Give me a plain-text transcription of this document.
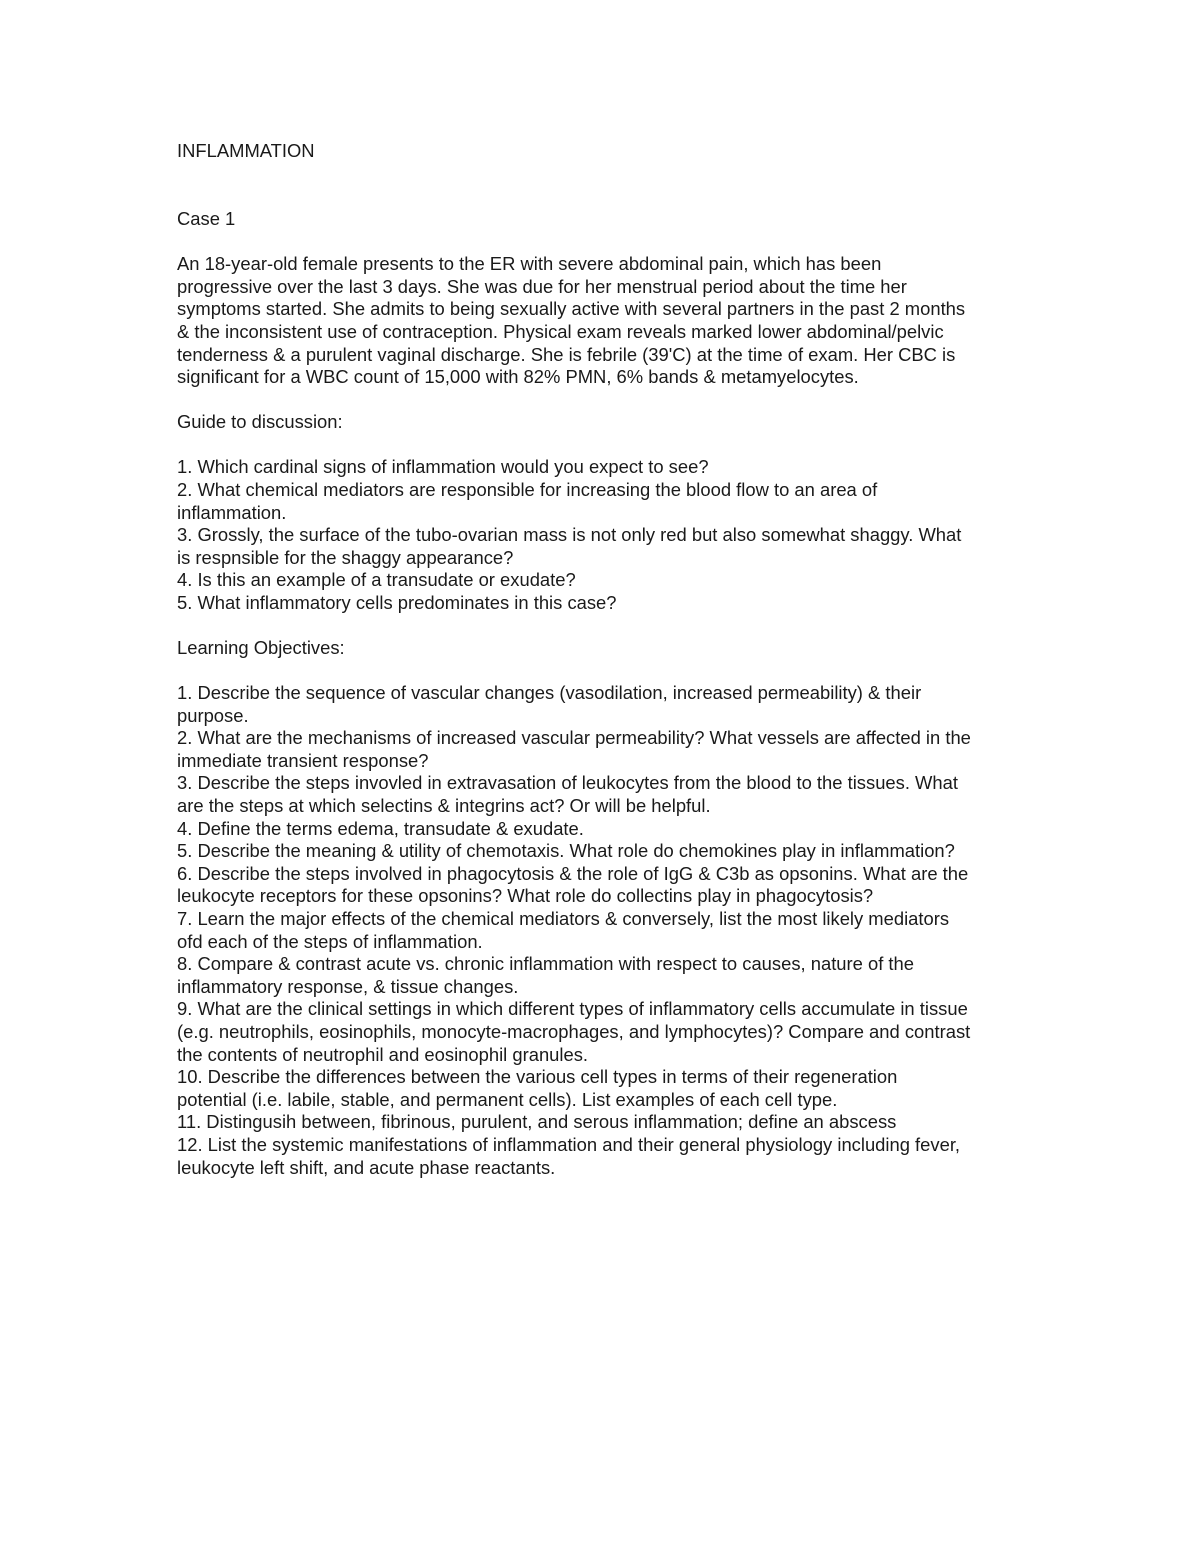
INFLAMMATION
Case 1
An 18-year-old female presents to the ER with severe abdominal pain, which has been
progressive over the last 3 days. She was due for her menstrual period about the time her
symptoms started. She admits to being sexually active with several partners in the past 2 months
& the inconsistent use of contraception. Physical exam reveals marked lower abdominal/pelvic
tenderness & a purulent vaginal discharge. She is febrile (39'C) at the time of exam. Her CBC is
significant for a WBC count of 15,000 with 82% PMN, 6% bands & metamyelocytes.
Guide to discussion:
1. Which cardinal signs of inflammation would you expect to see?
2. What chemical mediators are responsible for increasing the blood flow to an area of
inflammation.
3. Grossly, the surface of the tubo-ovarian mass is not only red but also somewhat shaggy. What
is respnsible for the shaggy appearance?
4. Is this an example of a transudate or exudate?
5. What inflammatory cells predominates in this case?
Learning Objectives:
1. Describe the sequence of vascular changes (vasodilation, increased permeability) & their
purpose.
2. What are the mechanisms of increased vascular permeability? What vessels are affected in the
immediate transient response?
3. Describe the steps invovled in extravasation of leukocytes from the blood to the tissues. What
are the steps at which selectins & integrins act? Or will be helpful.
4. Define the terms edema, transudate & exudate.
5. Describe the meaning & utility of chemotaxis. What role do chemokines play in inflammation?
6. Describe the steps involved in phagocytosis & the role of IgG & C3b as opsonins. What are the
leukocyte receptors for these opsonins? What role do collectins play in phagocytosis?
7. Learn the major effects of the chemical mediators & conversely, list the most likely mediators
ofd each of the steps of inflammation.
8. Compare & contrast acute vs. chronic inflammation with respect to causes, nature of the
inflammatory response, & tissue changes.
9. What are the clinical settings in which different types of inflammatory cells accumulate in tissue
(e.g. neutrophils, eosinophils, monocyte-macrophages, and lymphocytes)? Compare and contrast
the contents of neutrophil and eosinophil granules.
10. Describe the differences between the various cell types in terms of their regeneration
potential (i.e. labile, stable, and permanent cells). List examples of each cell type.
11. Distingusih between, fibrinous, purulent, and serous inflammation; define an abscess
12. List the systemic manifestations of inflammation and their general physiology including fever,
leukocyte left shift, and acute phase reactants.
